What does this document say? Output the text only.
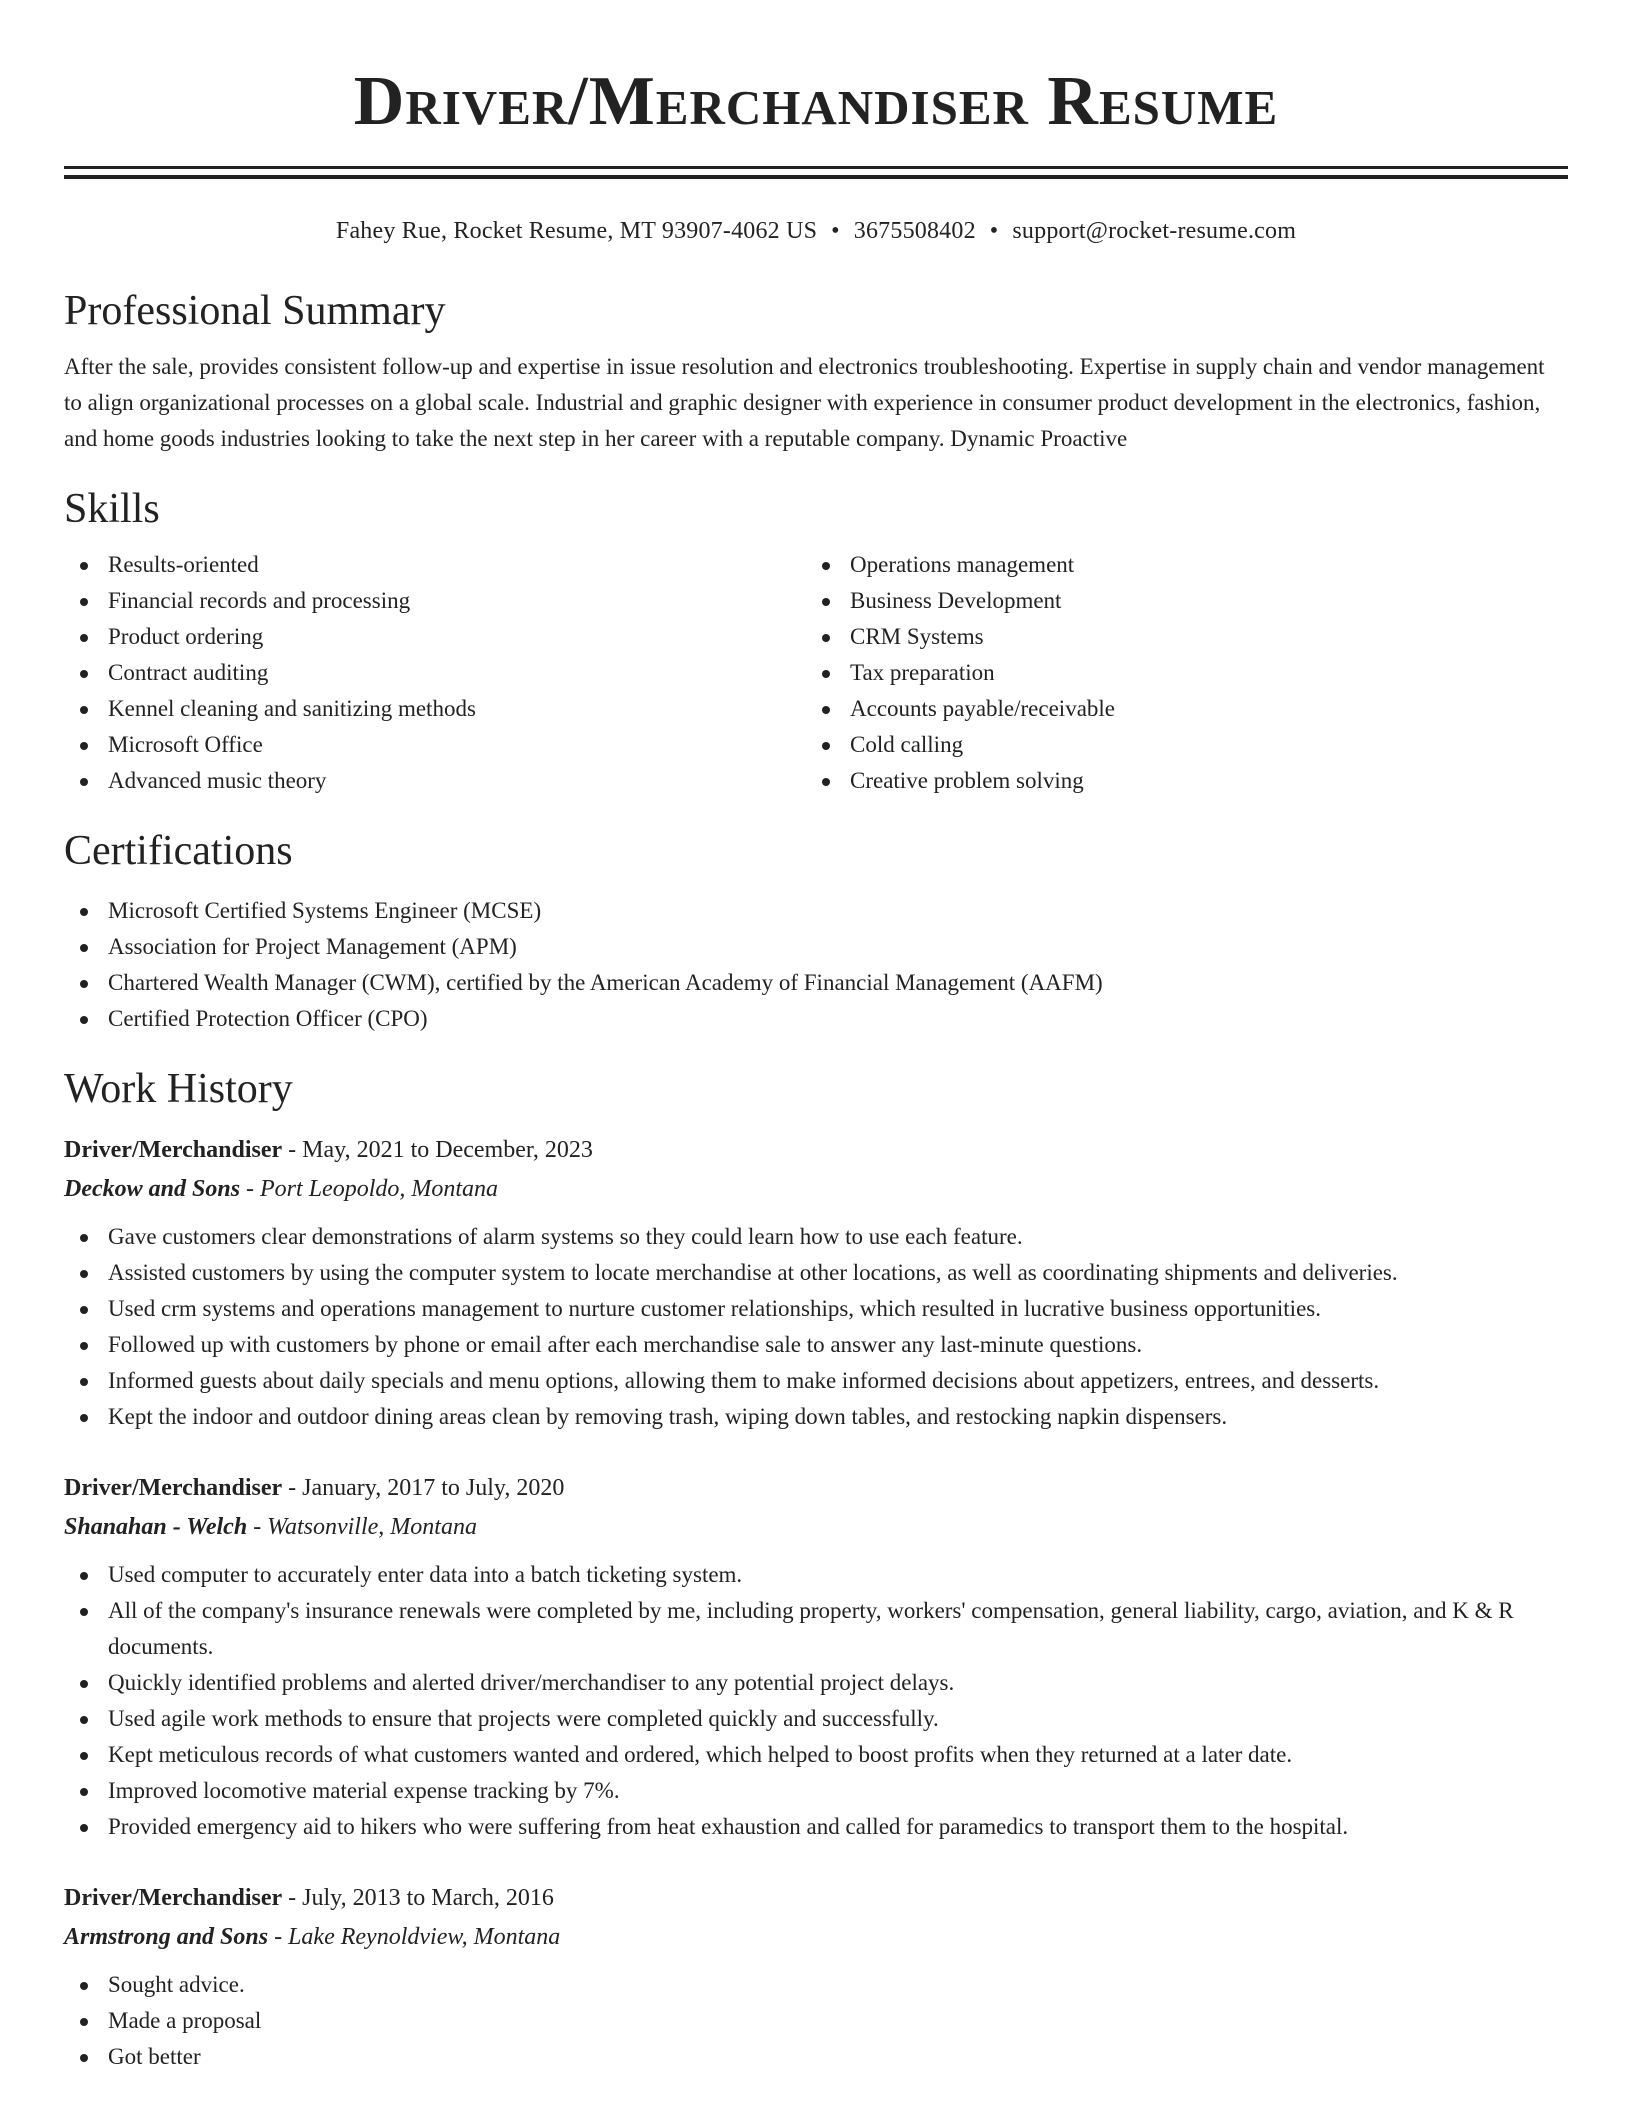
Driver/Merchandiser Resume
Fahey Rue, Rocket Resume, MT 93907-4062 US • 3675508402 • support@rocket-resume.com
Professional Summary

After the sale, provides consistent follow-up and expertise in issue resolution and electronics troubleshooting. Expertise in supply chain and vendor management to align organizational processes on a global scale. Industrial and graphic designer with experience in consumer product development in the electronics, fashion, and home goods industries looking to take the next step in her career with a reputable company. Dynamic Proactive

Skills
Results-oriented
Financial records and processing
Product ordering
Contract auditing
Kennel cleaning and sanitizing methods
Microsoft Office
Advanced music theory
Operations management
Business Development
CRM Systems
Tax preparation
Accounts payable/receivable
Cold calling
Creative problem solving
Certifications
Microsoft Certified Systems Engineer (MCSE)
Association for Project Management (APM)
Chartered Wealth Manager (CWM), certified by the American Academy of Financial Management (AAFM)
Certified Protection Officer (CPO)
Work History
Driver/Merchandiser - May, 2021 to December, 2023
Deckow and Sons - Port Leopoldo, Montana
Gave customers clear demonstrations of alarm systems so they could learn how to use each feature.
Assisted customers by using the computer system to locate merchandise at other locations, as well as coordinating shipments and deliveries.
Used crm systems and operations management to nurture customer relationships, which resulted in lucrative business opportunities.
Followed up with customers by phone or email after each merchandise sale to answer any last-minute questions.
Informed guests about daily specials and menu options, allowing them to make informed decisions about appetizers, entrees, and desserts.
Kept the indoor and outdoor dining areas clean by removing trash, wiping down tables, and restocking napkin dispensers.
Driver/Merchandiser - January, 2017 to July, 2020
Shanahan - Welch - Watsonville, Montana
Used computer to accurately enter data into a batch ticketing system.
All of the company's insurance renewals were completed by me, including property, workers' compensation, general liability, cargo, aviation, and K & R documents.
Quickly identified problems and alerted driver/merchandiser to any potential project delays.
Used agile work methods to ensure that projects were completed quickly and successfully.
Kept meticulous records of what customers wanted and ordered, which helped to boost profits when they returned at a later date.
Improved locomotive material expense tracking by 7%.
Provided emergency aid to hikers who were suffering from heat exhaustion and called for paramedics to transport them to the hospital.
Driver/Merchandiser - July, 2013 to March, 2016
Armstrong and Sons - Lake Reynoldview, Montana
Sought advice.
Made a proposal
Got better
